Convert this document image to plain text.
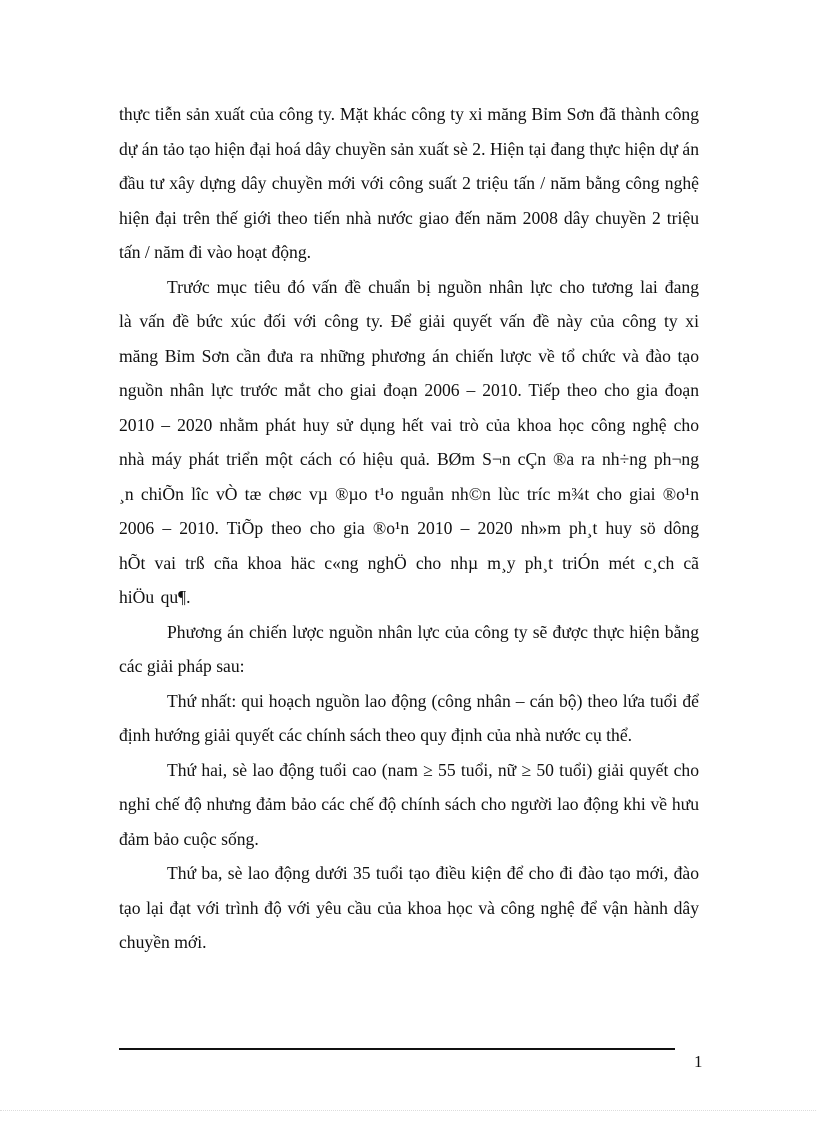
thực tiễn sản xuất của công ty. Mặt khác công ty xi măng Bỉm Sơn đã thành công dự án tảo tạo hiện đại hoá dây chuyền sản xuất sè 2. Hiện tại đang thực hiện dự án đầu tư xây dựng dây chuyền mới với công suất 2 triệu tấn / năm bằng công nghệ hiện đại trên thế giới theo tiến nhà nước giao đến năm 2008 dây chuyền 2 triệu tấn / năm đi vào hoạt động.

Trước mục tiêu đó vấn đề chuẩn bị nguồn nhân lực cho tương lai đang là vấn đề bức xúc đối với công ty. Để giải quyết vấn đề này của công ty xi măng Bỉm Sơn cần đưa ra những phương án chiến lược về tổ chức và đào tạo nguồn nhân lực trước mắt cho giai đoạn 2006 – 2010. Tiếp theo cho gia đoạn 2010 – 2020 nhằm phát huy sử dụng hết vai trò của khoa học công nghệ cho nhà máy phát triển một cách có hiệu quả. BØm S¬n cÇn ®a ra nh÷ng ph¬ng ¸n chiÕn lîc vÒ tæ chøc vµ ®µo t¹o nguån nh©n lùc tríc m¾t cho giai ®o¹n 2006 – 2010. TiÕp theo cho gia ®o¹n 2010 – 2020 nh»m ph¸t huy sö dông hÕt vai trß cña khoa häc c«ng nghÖ cho nhµ m¸y ph¸t triÓn mét c¸ch cã hiÖu qu¶.

Phương án chiến lược nguồn nhân lực của công ty sẽ được thực hiện bằng các giải pháp sau:

Thứ nhất: qui hoạch nguồn lao động (công nhân – cán bộ) theo lứa tuổi để định hướng giải quyết các chính sách theo quy định của nhà nước cụ thể.

Thứ hai, sè lao động tuổi cao (nam ≥ 55 tuổi, nữ ≥ 50 tuổi) giải quyết cho nghỉ chế độ nhưng đảm bảo các chế độ chính sách cho người lao động khi về hưu đảm bảo cuộc sống.

Thứ ba, sè lao động dưới 35 tuổi tạo điều kiện để cho đi đào tạo mới, đào tạo lại đạt với trình độ với yêu cầu của khoa học và công nghệ để vận hành dây chuyền mới.

1
